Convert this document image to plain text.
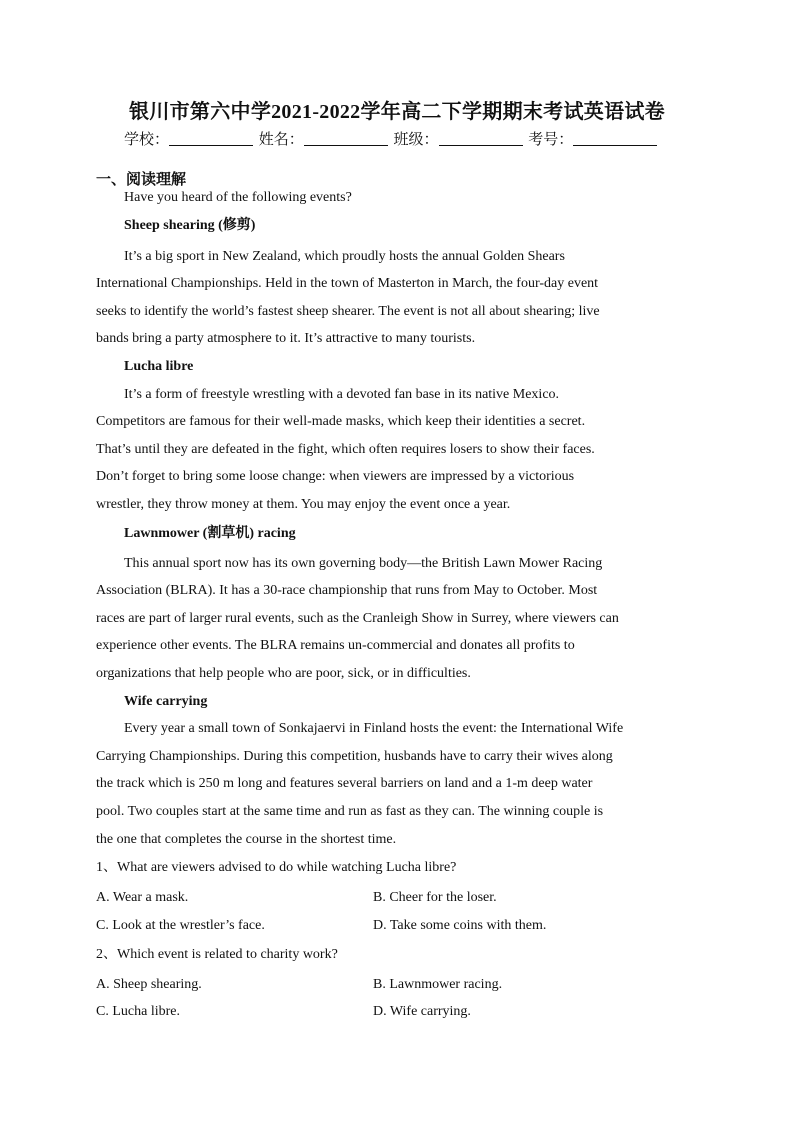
银川市第六中学2021-2022学年高二下学期期末考试英语试卷
学校：	姓名：	班级：	考号：
一、阅读理解
Have you heard of the following events?
Sheep shearing (修剪)
It’s a big sport in New Zealand, which proudly hosts the annual Golden Shears
International Championships. Held in the town of Masterton in March, the four-day event
seeks to identify the world’s fastest sheep shearer. The event is not all about shearing; live
bands bring a party atmosphere to it. It’s attractive to many tourists.
Lucha libre
It’s a form of freestyle wrestling with a devoted fan base in its native Mexico.
Competitors are famous for their well-made masks, which keep their identities a secret.
That’s until they are defeated in the fight, which often requires losers to show their faces.
Don’t forget to bring some loose change: when viewers are impressed by a victorious
wrestler, they throw money at them. You may enjoy the event once a year.
Lawnmower (割草机) racing
This annual sport now has its own governing body—the British Lawn Mower Racing
Association (BLRA). It has a 30-race championship that runs from May to October. Most
races are part of larger rural events, such as the Cranleigh Show in Surrey, where viewers can
experience other events. The BLRA remains un-commercial and donates all profits to
organizations that help people who are poor, sick, or in difficulties.
Wife carrying
Every year a small town of Sonkajaervi in Finland hosts the event: the International Wife
Carrying Championships. During this competition, husbands have to carry their wives along
the track which is 250 m long and features several barriers on land and a 1-m deep water
pool. Two couples start at the same time and run as fast as they can. The winning couple is
the one that completes the course in the shortest time.
1、What are viewers advised to do while watching Lucha libre?
A. Wear a mask.	B. Cheer for the loser.
C. Look at the wrestler’s face.	D. Take some coins with them.
2、Which event is related to charity work?
A. Sheep shearing.	B. Lawnmower racing.
C. Lucha libre.	D. Wife carrying.
